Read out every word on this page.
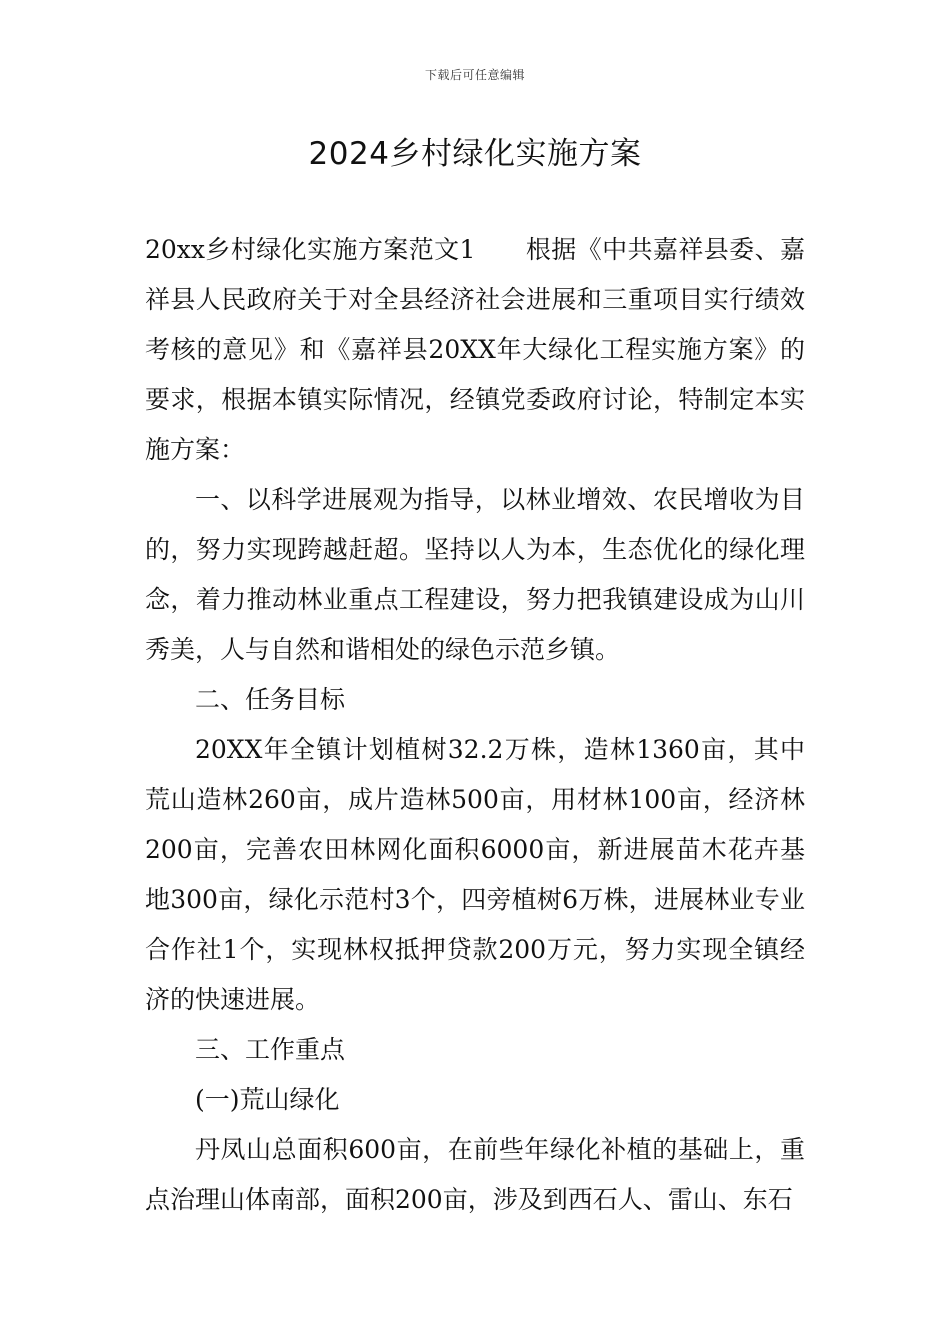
下载后可任意编辑
2024乡村绿化实施方案

20xx乡村绿化实施方案范文1 根据《中共嘉祥县委、嘉祥县人民政府关于对全县经济社会进展和三重项目实行绩效考核的意见》和《嘉祥县20XX年大绿化工程实施方案》的要求，根据本镇实际情况，经镇党委政府讨论，特制定本实施方案：

一、以科学进展观为指导，以林业增效、农民增收为目的，努力实现跨越赶超。坚持以人为本，生态优化的绿化理念，着力推动林业重点工程建设，努力把我镇建设成为山川秀美，人与自然和谐相处的绿色示范乡镇。

二、任务目标

20XX年全镇计划植树32.2万株，造林1360亩，其中荒山造林260亩，成片造林500亩，用材林100亩，经济林200亩，完善农田林网化面积6000亩，新进展苗木花卉基地300亩，绿化示范村3个，四旁植树6万株，进展林业专业合作社1个，实现林权抵押贷款200万元，努力实现全镇经济的快速进展。

三、工作重点

(一)荒山绿化

丹凤山总面积600亩，在前些年绿化补植的基础上，重点治理山体南部，面积200亩，涉及到西石人、雷山、东石
